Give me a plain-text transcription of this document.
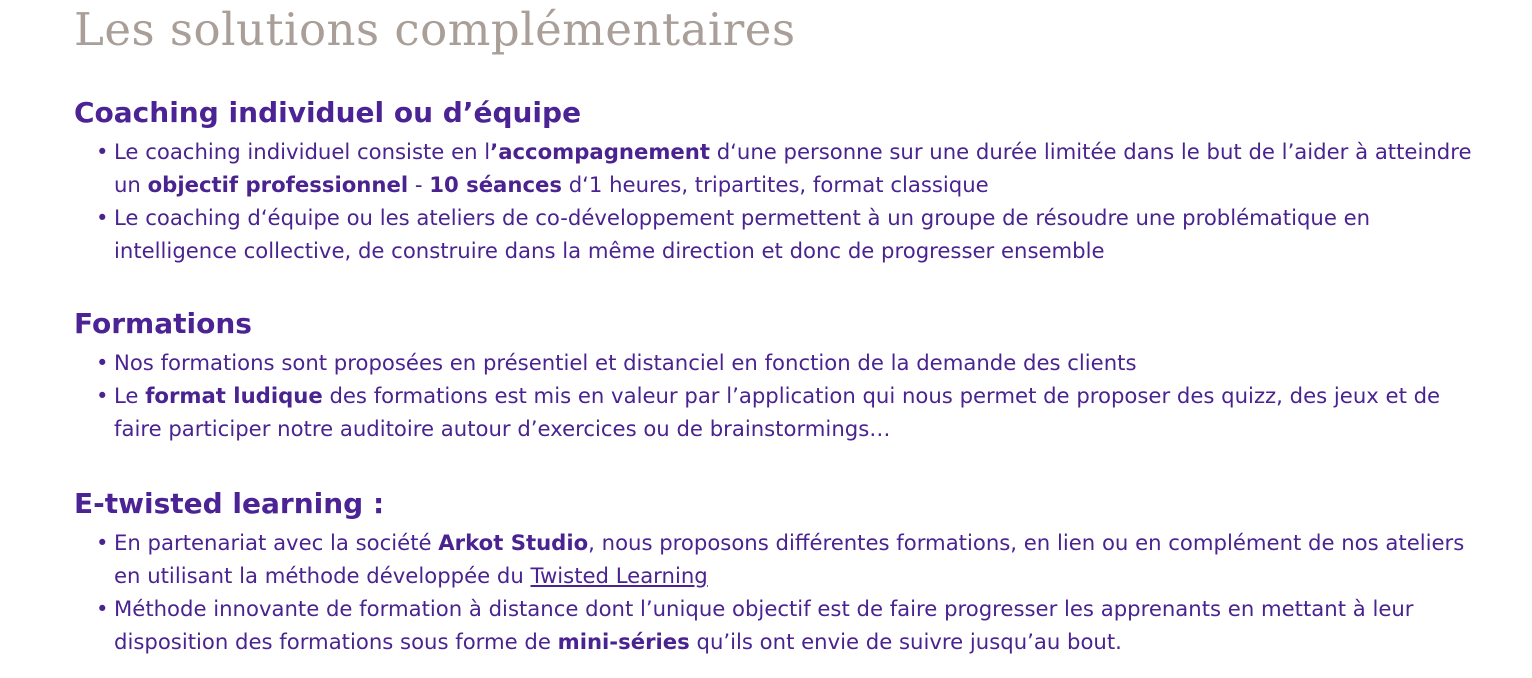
Les solutions complémentaires
Coaching individuel ou d’équipe
• Le coaching individuel consiste en l’accompagnement d‘une personne sur une durée limitée dans le but de l’aider à atteindre un objectif professionnel - 10 séances d‘1 heures, tripartites, format classique
• Le coaching d‘équipe ou les ateliers de co-développement permettent à un groupe de résoudre une problématique en intelligence collective, de construire dans la même direction et donc de progresser ensemble
Formations
• Nos formations sont proposées en présentiel et distanciel en fonction de la demande des clients
• Le format ludique des formations est mis en valeur par l’application qui nous permet de proposer des quizz, des jeux et de faire participer notre auditoire autour d’exercices ou de brainstormings…
E-twisted learning :
• En partenariat avec la société Arkot Studio, nous proposons différentes formations, en lien ou en complément de nos ateliers en utilisant la méthode développée du Twisted Learning
• Méthode innovante de formation à distance dont l’unique objectif est de faire progresser les apprenants en mettant à leur disposition des formations sous forme de mini-séries qu’ils ont envie de suivre jusqu’au bout.
